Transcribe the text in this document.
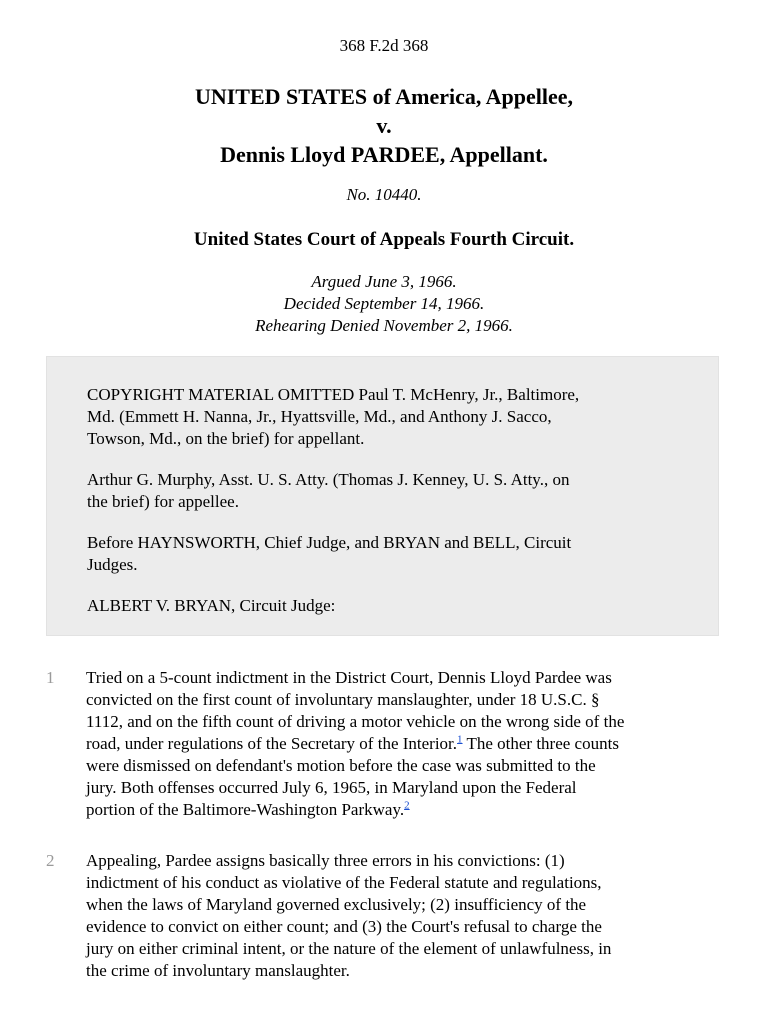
368 F.2d 368
UNITED STATES of America, Appellee,
v.
Dennis Lloyd PARDEE, Appellant.
No. 10440.
United States Court of Appeals Fourth Circuit.
Argued June 3, 1966.
Decided September 14, 1966.
Rehearing Denied November 2, 1966.

COPYRIGHT MATERIAL OMITTED Paul T. McHenry, Jr., Baltimore,
Md. (Emmett H. Nanna, Jr., Hyattsville, Md., and Anthony J. Sacco,
Towson, Md., on the brief) for appellant.

Arthur G. Murphy, Asst. U. S. Atty. (Thomas J. Kenney, U. S. Atty., on
the brief) for appellee.

Before HAYNSWORTH, Chief Judge, and BRYAN and BELL, Circuit
Judges.

ALBERT V. BRYAN, Circuit Judge:

1 Tried on a 5-count indictment in the District Court, Dennis Lloyd Pardee was
convicted on the first count of involuntary manslaughter, under 18 U.S.C. §
1112, and on the fifth count of driving a motor vehicle on the wrong side of the
road, under regulations of the Secretary of the Interior.$^1$ The other three counts
were dismissed on defendant's motion before the case was submitted to the
jury. Both offenses occurred July 6, 1965, in Maryland upon the Federal
portion of the Baltimore-Washington Parkway.$^2$
2 Appealing, Pardee assigns basically three errors in his convictions: (1)
indictment of his conduct as violative of the Federal statute and regulations,
when the laws of Maryland governed exclusively; (2) insufficiency of the
evidence to convict on either count; and (3) the Court's refusal to charge the
jury on either criminal intent, or the nature of the element of unlawfulness, in
the crime of involuntary manslaughter.
